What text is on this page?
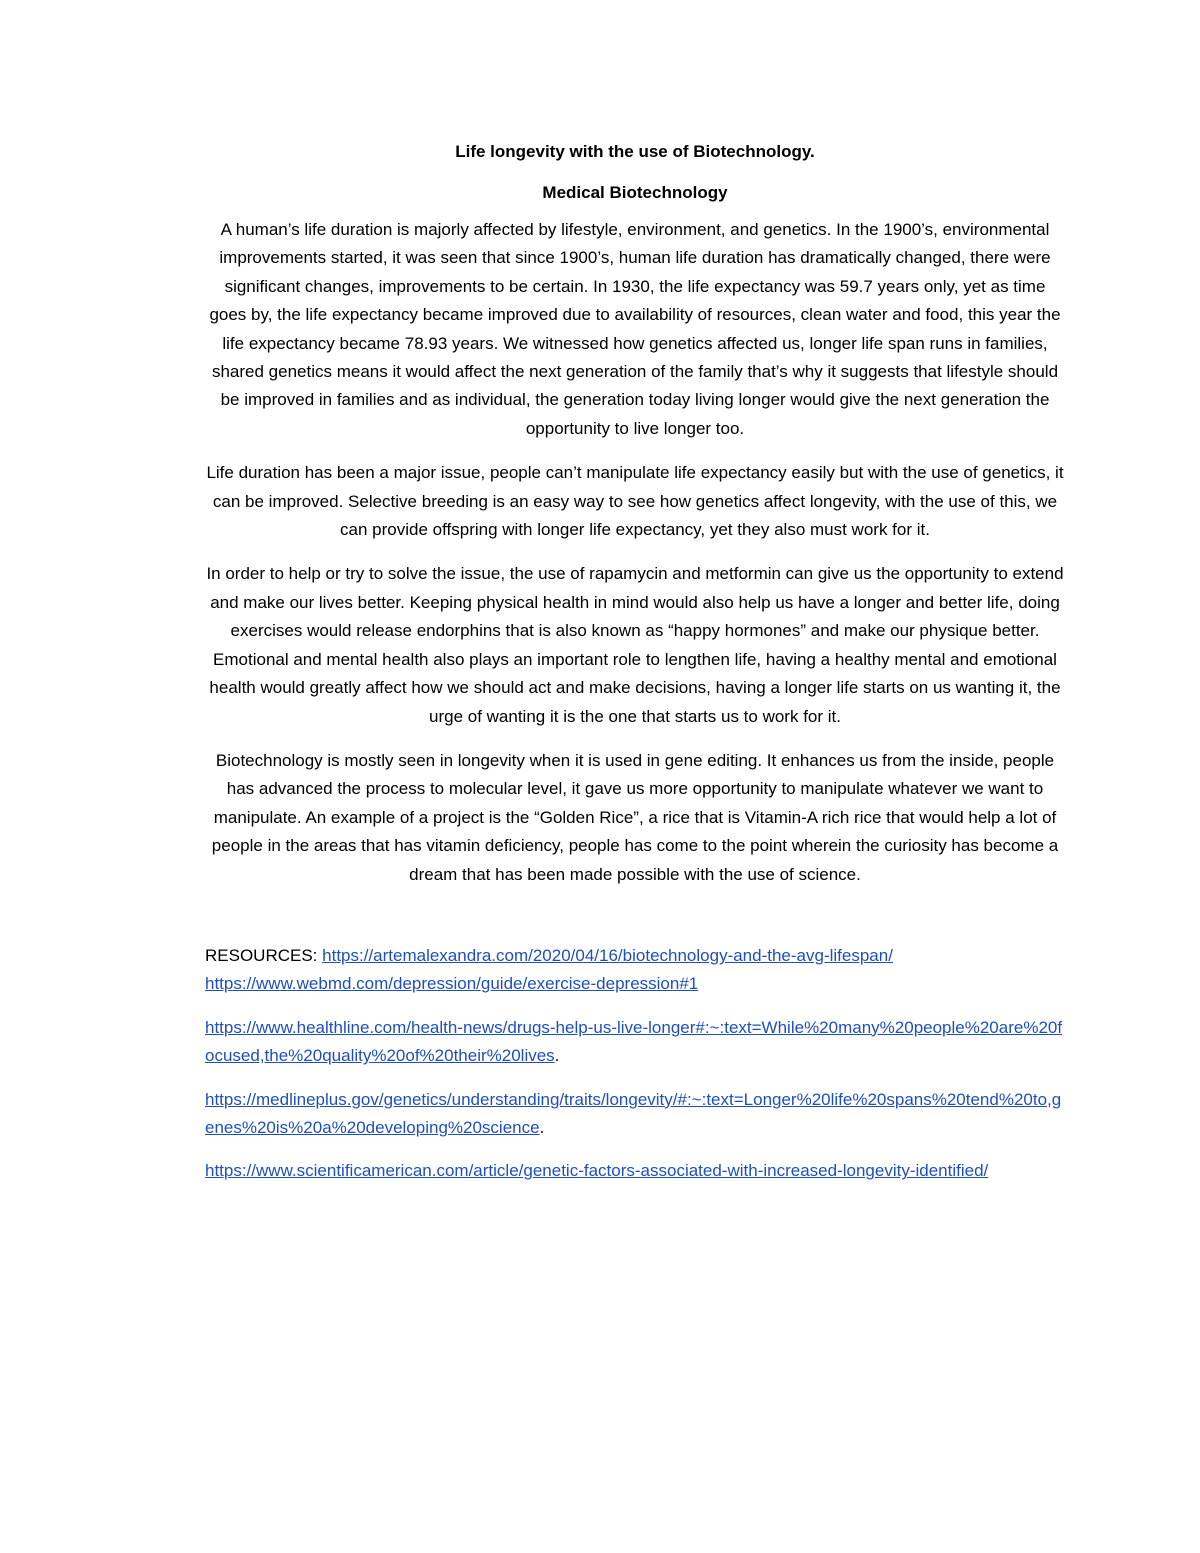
Life longevity with the use of Biotechnology.
Medical Biotechnology

A human’s life duration is majorly affected by lifestyle, environment, and genetics. In the 1900’s, environmental improvements started, it was seen that since 1900’s, human life duration has dramatically changed, there were significant changes, improvements to be certain. In 1930, the life expectancy was 59.7 years only, yet as time goes by, the life expectancy became improved due to availability of resources, clean water and food, this year the life expectancy became 78.93 years. We witnessed how genetics affected us, longer life span runs in families, shared genetics means it would affect the next generation of the family that’s why it suggests that lifestyle should be improved in families and as individual, the generation today living longer would give the next generation the opportunity to live longer too.

Life duration has been a major issue, people can’t manipulate life expectancy easily but with the use of genetics, it can be improved. Selective breeding is an easy way to see how genetics affect longevity, with the use of this, we can provide offspring with longer life expectancy, yet they also must work for it.

In order to help or try to solve the issue, the use of rapamycin and metformin can give us the opportunity to extend and make our lives better. Keeping physical health in mind would also help us have a longer and better life, doing exercises would release endorphins that is also known as “happy hormones” and make our physique better. Emotional and mental health also plays an important role to lengthen life, having a healthy mental and emotional health would greatly affect how we should act and make decisions, having a longer life starts on us wanting it, the urge of wanting it is the one that starts us to work for it.

Biotechnology is mostly seen in longevity when it is used in gene editing. It enhances us from the inside, people has advanced the process to molecular level, it gave us more opportunity to manipulate whatever we want to manipulate. An example of a project is the “Golden Rice”, a rice that is Vitamin-A rich rice that would help a lot of people in the areas that has vitamin deficiency, people has come to the point wherein the curiosity has become a dream that has been made possible with the use of science.

RESOURCES: https://artemalexandra.com/2020/04/16/biotechnology-and-the-avg-lifespan/
https://www.webmd.com/depression/guide/exercise-depression#1
https://www.healthline.com/health-news/drugs-help-us-live-longer#:~:text=While%20many%20people%20are%20focused,the%20quality%20of%20their%20lives.
https://medlineplus.gov/genetics/understanding/traits/longevity/#:~:text=Longer%20life%20spans%20tend%20to,genes%20is%20a%20developing%20science.
https://www.scientificamerican.com/article/genetic-factors-associated-with-increased-longevity-identified/
